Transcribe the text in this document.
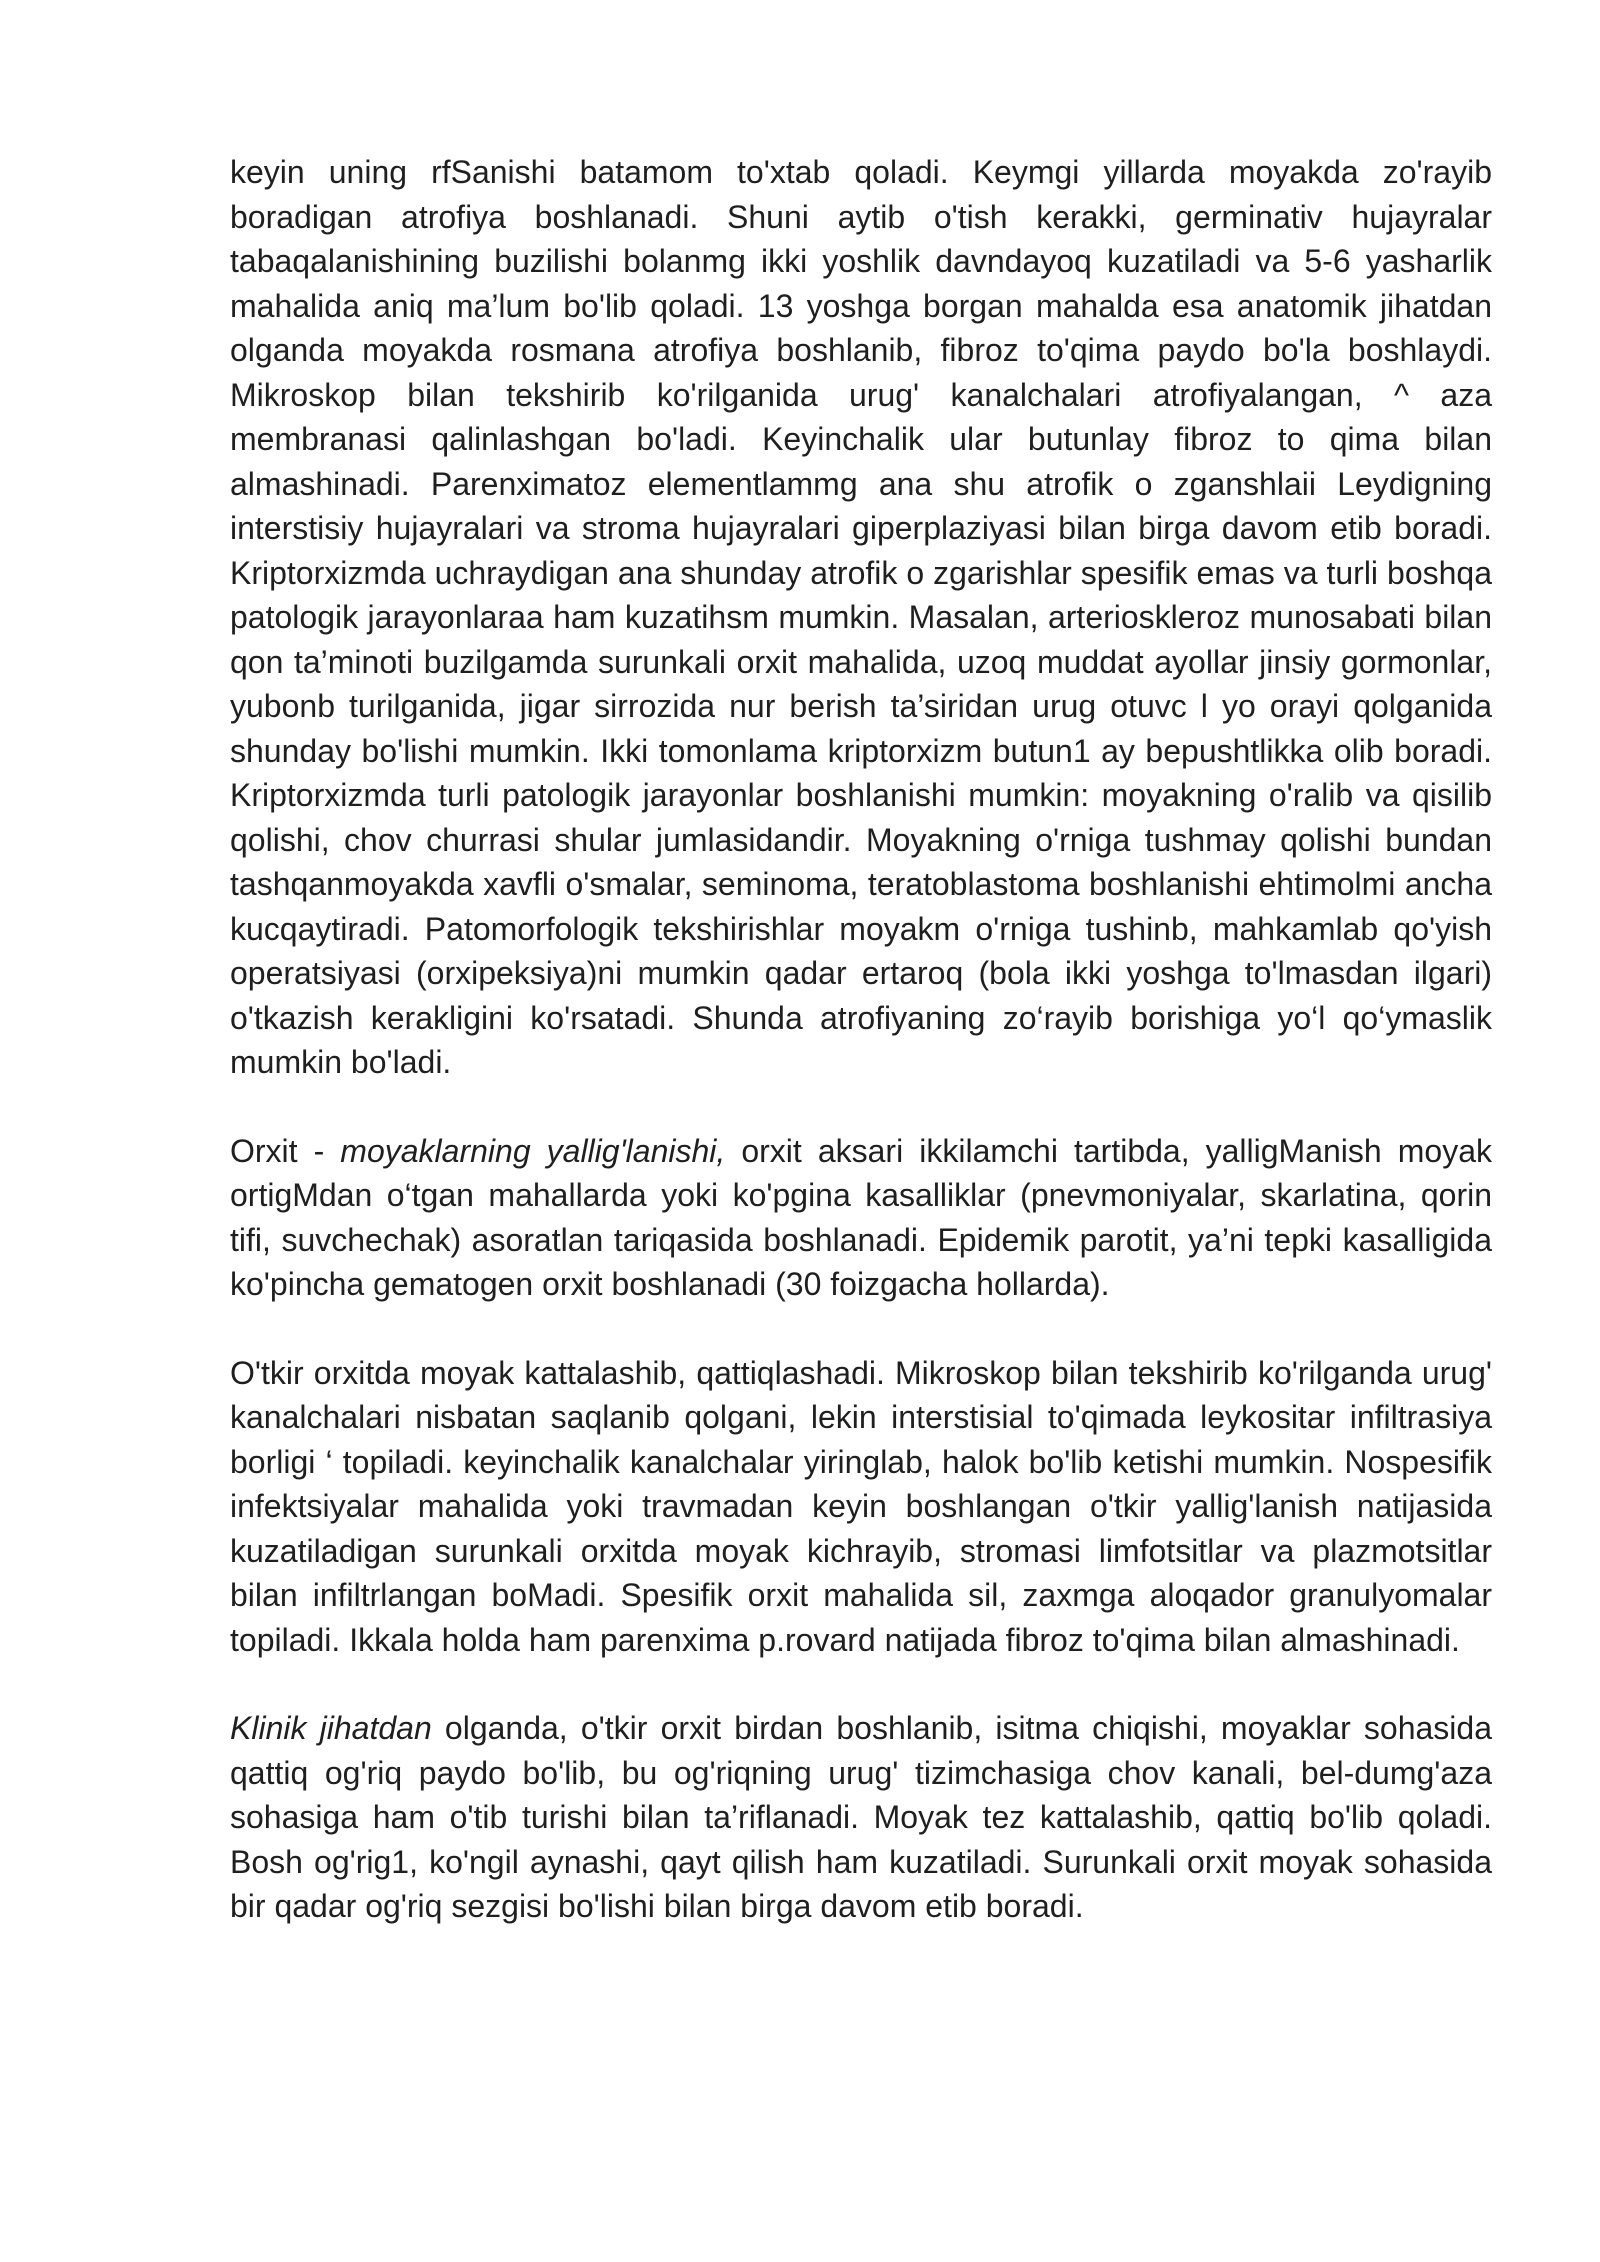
keyin uning rfSanishi batamom to'xtab qoladi. Keymgi yillarda moyakda zo'rayib boradigan atrofiya boshlanadi. Shuni aytib o'tish kerakki, germinativ hujayralar tabaqalanishining buzilishi bolanmg ikki yoshlik davndayoq kuzatiladi va 5-6 yasharlik mahalida aniq ma’lum bo'lib qoladi. 13 yoshga borgan mahalda esa anatomik jihatdan olganda moyakda rosmana atrofiya boshlanib, fibroz to'qima paydo bo'la boshlaydi. Mikroskop bilan tekshirib ko'rilganida urug' kanalchalari atrofiyalangan, ^ aza membranasi qalinlashgan bo'ladi. Keyinchalik ular butunlay fibroz to qima bilan almashinadi. Parenximatoz elementlammg ana shu atrofik o zganshlaii Leydigning interstisiy hujayralari va stroma hujayralari giperplaziyasi bilan birga davom etib boradi. Kriptorxizmda uchraydigan ana shunday atrofik o zgarishlar spesifik emas va turli boshqa patologik jarayonlaraa ham kuzatihsm mumkin. Masalan, arterioskleroz munosabati bilan qon ta’minoti buzilgamda surunkali orxit mahalida, uzoq muddat ayollar jinsiy gormonlar, yubonb turilganida, jigar sirrozida nur berish ta’siridan urug otuvc l yo orayi qolganida shunday bo'lishi mumkin. Ikki tomonlama kriptorxizm butun1 ay bepushtlikka olib boradi. Kriptorxizmda turli patologik jarayonlar boshlanishi mumkin: moyakning o'ralib va qisilib qolishi, chov churrasi shular jumlasidandir. Moyakning o'rniga tushmay qolishi bundan tashqanmoyakda xavfli o'smalar, seminoma, teratoblastoma boshlanishi ehtimolmi ancha kucqaytiradi. Patomorfologik tekshirishlar moyakm o'rniga tushinb, mahkamlab qo'yish operatsiyasi (orxipeksiya)ni mumkin qadar ertaroq (bola ikki yoshga to'lmasdan ilgari) o'tkazish kerakligini ko'rsatadi. Shunda atrofiyaning zo‘rayib borishiga yo‘l qo‘ymaslik mumkin bo'ladi.

Orxit - moyaklarning yallig'lanishi, orxit aksari ikkilamchi tartibda, yalligManish moyak ortigMdan o‘tgan mahallarda yoki ko'pgina kasalliklar (pnevmoniyalar, skarlatina, qorin tifi, suvchechak) asoratlan tariqasida boshlanadi. Epidemik parotit, ya’ni tepki kasalligida ko'pincha gematogen orxit boshlanadi (30 foizgacha hollarda).

O'tkir orxitda moyak kattalashib, qattiqlashadi. Mikroskop bilan tekshirib ko'rilganda urug' kanalchalari nisbatan saqlanib qolgani, lekin interstisial to'qimada leykositar infiltrasiya borligi ‘ topiladi. keyinchalik kanalchalar yiringlab, halok bo'lib ketishi mumkin. Nospesifik infektsiyalar mahalida yoki travmadan keyin boshlangan o'tkir yallig'lanish natijasida kuzatiladigan surunkali orxitda moyak kichrayib, stromasi limfotsitlar va plazmotsitlar bilan infiltrlangan boMadi. Spesifik orxit mahalida sil, zaxmga aloqador granulyomalar topiladi. Ikkala holda ham parenxima p.rovard natijada fibroz to'qima bilan almashinadi.

Klinik jihatdan olganda, o'tkir orxit birdan boshlanib, isitma chiqishi, moyaklar sohasida qattiq og'riq paydo bo'lib, bu og'riqning urug' tizimchasiga chov kanali, bel-dumg'aza sohasiga ham o'tib turishi bilan ta’riflanadi. Moyak tez kattalashib, qattiq bo'lib qoladi. Bosh og'rig1, ko'ngil aynashi, qayt qilish ham kuzatiladi. Surunkali orxit moyak sohasida bir qadar og'riq sezgisi bo'lishi bilan birga davom etib boradi.
